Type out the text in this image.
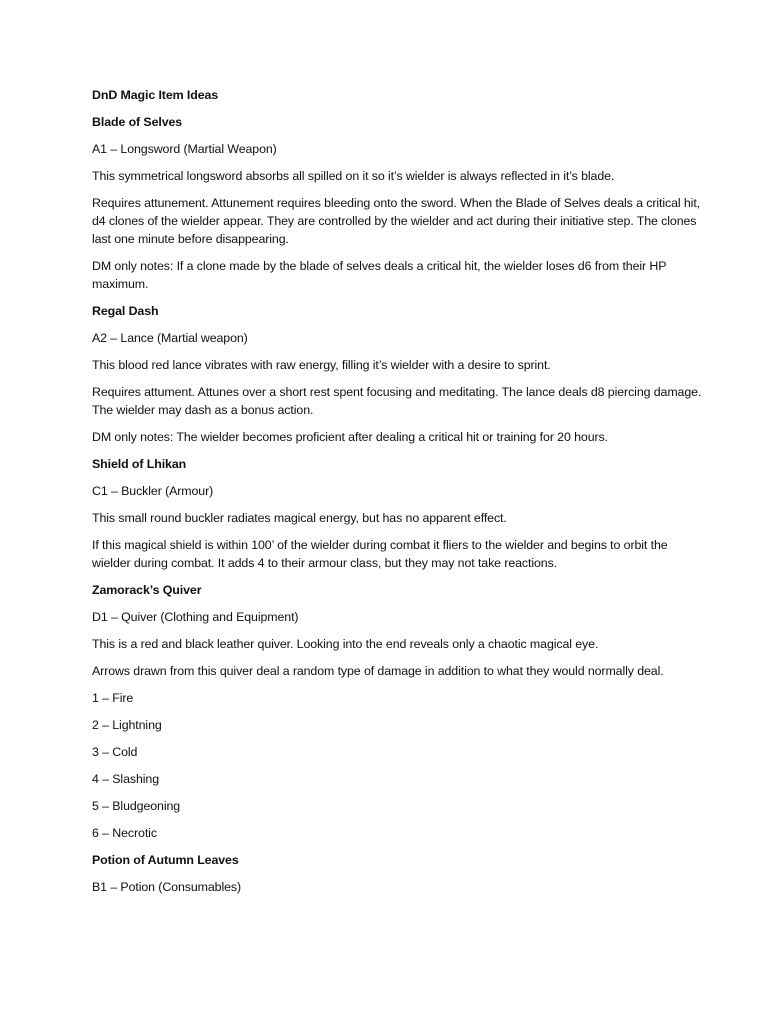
DnD Magic Item Ideas

Blade of Selves

A1 – Longsword (Martial Weapon)

This symmetrical longsword absorbs all spilled on it so it’s wielder is always reflected in it’s blade.

Requires attunement. Attunement requires bleeding onto the sword. When the Blade of Selves deals a critical hit, d4 clones of the wielder appear. They are controlled by the wielder and act during their initiative step. The clones last one minute before disappearing.

DM only notes: If a clone made by the blade of selves deals a critical hit, the wielder loses d6 from their HP maximum.

Regal Dash

A2 – Lance (Martial weapon)

This blood red lance vibrates with raw energy, filling it’s wielder with a desire to sprint.

Requires attument. Attunes over a short rest spent focusing and meditating. The lance deals d8 piercing damage. The wielder may dash as a bonus action.

DM only notes: The wielder becomes proficient after dealing a critical hit or training for 20 hours.

Shield of Lhikan

C1 – Buckler (Armour)

This small round buckler radiates magical energy, but has no apparent effect.

If this magical shield is within 100’ of the wielder during combat it fliers to the wielder and begins to orbit the wielder during combat. It adds 4 to their armour class, but they may not take reactions.

Zamorack’s Quiver

D1 – Quiver (Clothing and Equipment)

This is a red and black leather quiver. Looking into the end reveals only a chaotic magical eye.

Arrows drawn from this quiver deal a random type of damage in addition to what they would normally deal.

1 – Fire

2 – Lightning

3 – Cold

4 – Slashing

5 – Bludgeoning

6 – Necrotic

Potion of Autumn Leaves

B1 – Potion (Consumables)
